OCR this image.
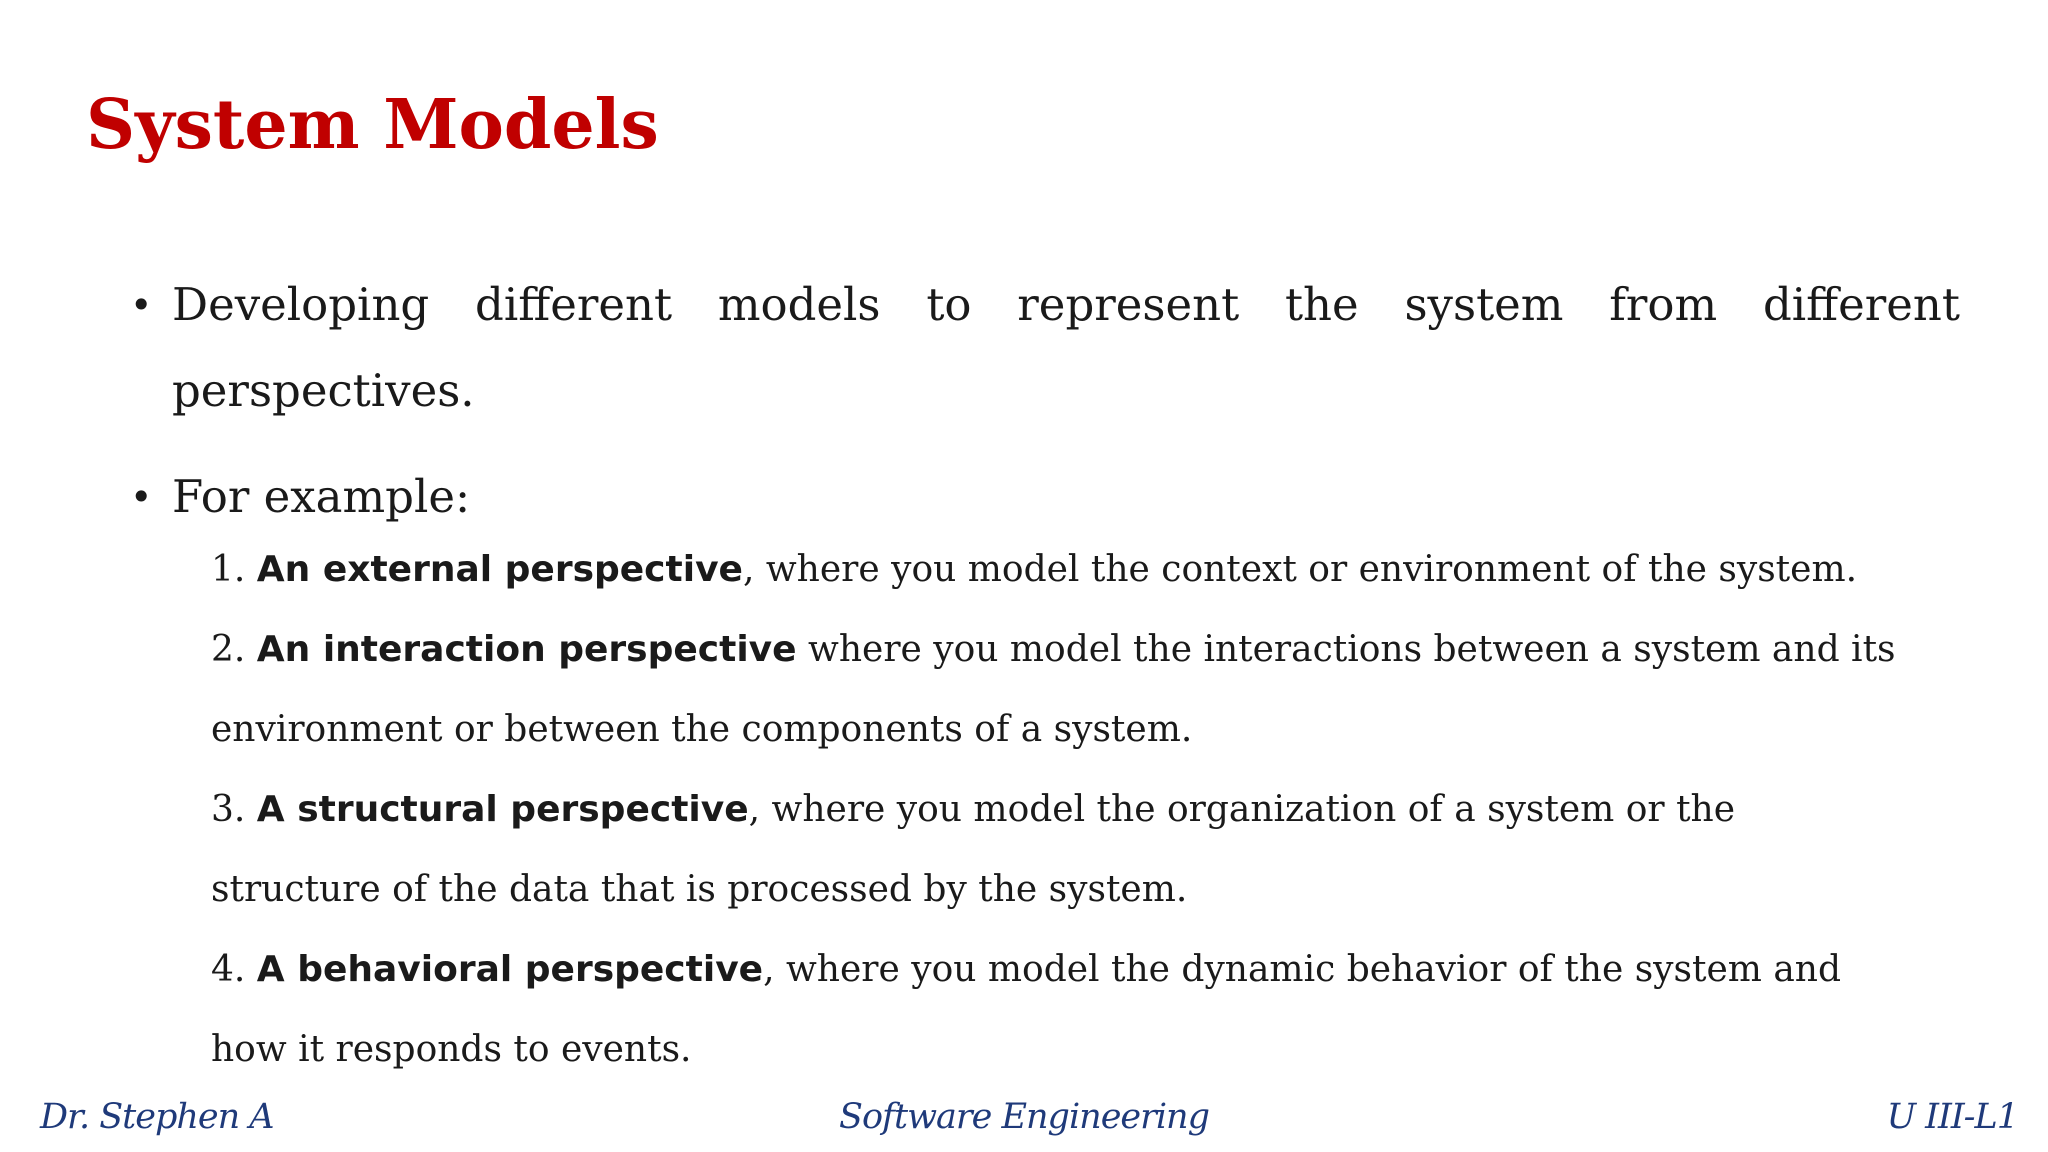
System Models
• Developing different models to represent the system from different perspectives.
• For example:
1. An external perspective, where you model the context or environment of the system.
2. An interaction perspective where you model the interactions between a system and its environment or between the components of a system.
3. A structural perspective, where you model the organization of a system or the structure of the data that is processed by the system.
4. A behavioral perspective, where you model the dynamic behavior of the system and how it responds to events.
Dr. Stephen A	Software Engineering	U III-L1
